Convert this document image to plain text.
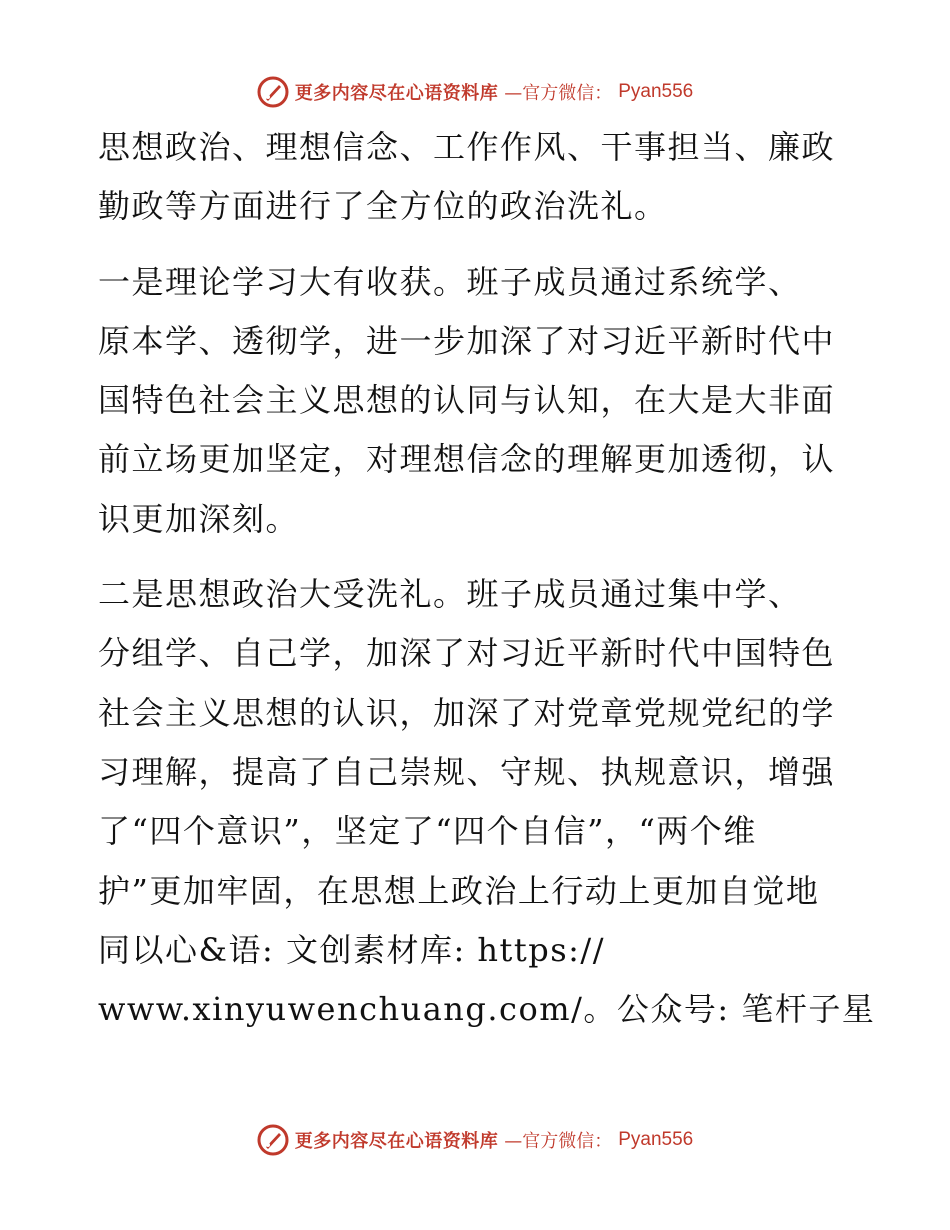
更多内容尽在心语资料库 —官方微信： Pyan556
思想政治、理想信念、工作作风、干事担当、廉政
勤政等方面进行了全方位的政治洗礼。
一是理论学习大有收获。班子成员通过系统学、
原本学、透彻学，进一步加深了对习近平新时代中
国特色社会主义思想的认同与认知，在大是大非面
前立场更加坚定，对理想信念的理解更加透彻，认
识更加深刻。
二是思想政治大受洗礼。班子成员通过集中学、
分组学、自己学，加深了对习近平新时代中国特色
社会主义思想的认识，加深了对党章党规党纪的学
习理解，提高了自己崇规、守规、执规意识，增强
了“四个意识”，坚定了“四个自信”，“两个维
护”更加牢固，在思想上政治上行动上更加自觉地
同以心&语: 文创素材库: https://
www.xinyuwenchuang.com/。公众号: 笔杆子星
更多内容尽在心语资料库 —官方微信： Pyan556
